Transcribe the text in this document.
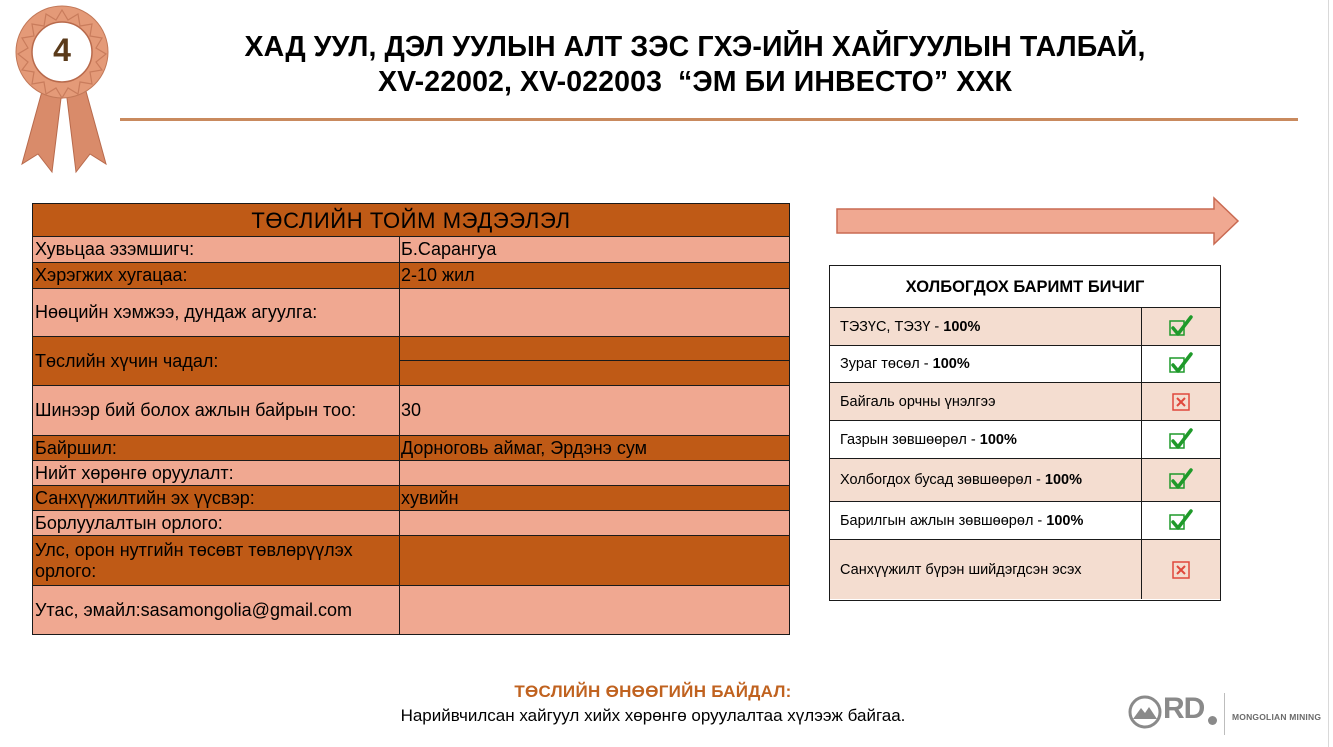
4	ХАД УУЛ, ДЭЛ УУЛЫН АЛТ ЗЭС ГХЭ-ИЙН ХАЙГУУЛЫН ТАЛБАЙ,
XV-22002, XV-022003  “ЭМ БИ ИНВЕСТО” ХХК
ТӨСЛИЙН ТОЙМ МЭДЭЭЛЭЛ
Хувьцаа эзэмшигч:	Б.Сарангуа
Хэрэгжих хугацаа:	2-10 жил
Нөөцийн хэмжээ, дундаж агуулга:
Төслийн хүчин чадал:
Шинээр бий болох ажлын байрын тоо:	30
Байршил:	Дорноговь аймаг, Эрдэнэ сум
Нийт хөрөнгө оруулалт:
Санхүүжилтийн эх үүсвэр:	хувийн
Борлуулалтын орлого:
Улс, орон нутгийн төсөвт төвлөрүүлэх орлого:
Утас, эмайл:sasamongolia@gmail.com
ХОЛБОГДОХ БАРИМТ БИЧИГ
ТЭЗҮС, ТЭЗҮ - 100%
Зураг төсөл - 100%
Байгаль орчны үнэлгээ
Газрын зөвшөөрөл - 100%
Холбогдох бусад зөвшөөрөл - 100%
Барилгын ажлын зөвшөөрөл - 100%
Санхүүжилт бүрэн шийдэгдсэн эсэх
ТӨСЛИЙН ӨНӨӨГИЙН БАЙДАЛ:
Нарийвчилсан хайгуул хийх хөрөнгө оруулалтаа хүлээж байгаа.	RD	MONGOLIAN MINING
